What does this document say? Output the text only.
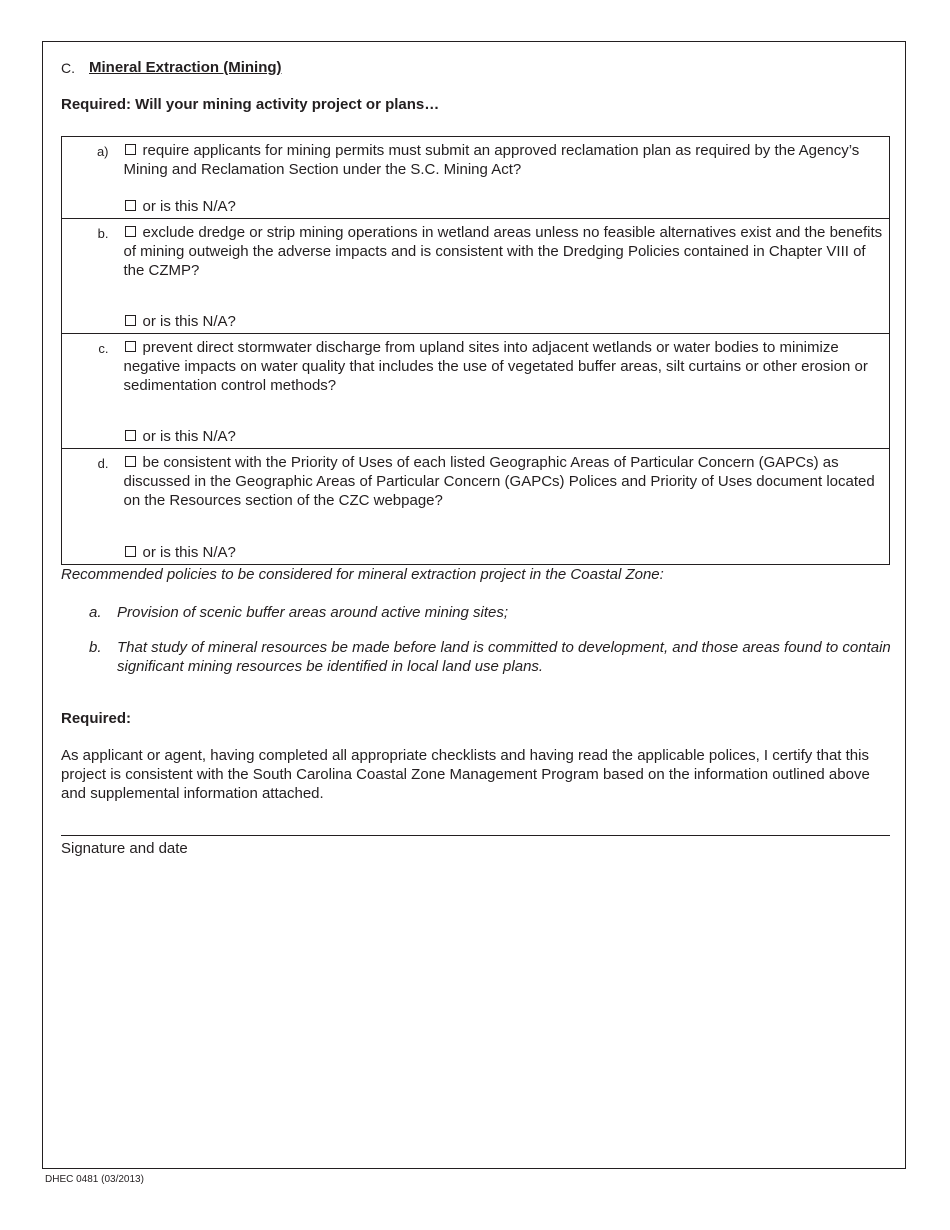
C. Mineral Extraction (Mining)
Required: Will your mining activity project or plans…
a)	require applicants for mining permits must submit an approved reclamation plan as required by the Agency’s Mining and Reclamation Section under the S.C. Mining Act?
or is this N/A?

b.	exclude dredge or strip mining operations in wetland areas unless no feasible alternatives exist and the benefits of mining outweigh the adverse impacts and is consistent with the Dredging Policies contained in Chapter VIII of the CZMP?
or is this N/A?

c.	prevent direct stormwater discharge from upland sites into adjacent wetlands or water bodies to minimize negative impacts on water quality that includes the use of vegetated buffer areas, silt curtains or other erosion or sedimentation control methods?
or is this N/A?

d.	be consistent with the Priority of Uses of each listed Geographic Areas of Particular Concern (GAPCs) as discussed in the Geographic Areas of Particular Concern (GAPCs) Polices and Priority of Uses document located on the Resources section of the CZC webpage?
or is this N/A?
Recommended policies to be considered for mineral extraction project in the Coastal Zone:
a. Provision of scenic buffer areas around active mining sites;
b. That study of mineral resources be made before land is committed to development, and those areas found to contain significant mining resources be identified in local land use plans.
Required:
As applicant or agent, having completed all appropriate checklists and having read the applicable polices, I certify that this project is consistent with the South Carolina Coastal Zone Management Program based on the information outlined above and supplemental information attached.
Signature and date
DHEC 0481 (03/2013)
